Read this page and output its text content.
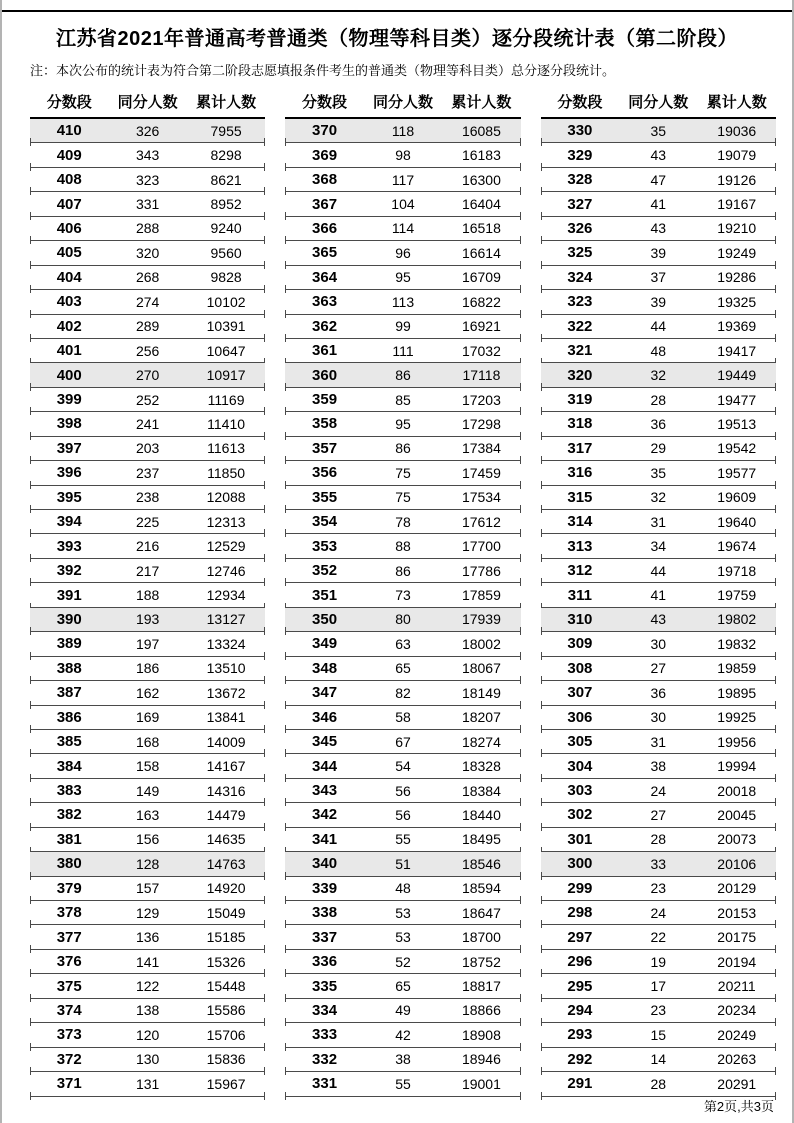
江苏省2021年普通高考普通类（物理等科目类）逐分段统计表（第二阶段）

注：本次公布的统计表为符合第二阶段志愿填报条件考生的普通类（物理等科目类）总分逐分段统计。

分数段	同分人数	累计人数
410	326	7955
409	343	8298
408	323	8621
407	331	8952
406	288	9240
405	320	9560
404	268	9828
403	274	10102
402	289	10391
401	256	10647
400	270	10917
399	252	11169
398	241	11410
397	203	11613
396	237	11850
395	238	12088
394	225	12313
393	216	12529
392	217	12746
391	188	12934
390	193	13127
389	197	13324
388	186	13510
387	162	13672
386	169	13841
385	168	14009
384	158	14167
383	149	14316
382	163	14479
381	156	14635
380	128	14763
379	157	14920
378	129	15049
377	136	15185
376	141	15326
375	122	15448
374	138	15586
373	120	15706
372	130	15836
371	131	15967
分数段	同分人数	累计人数
370	118	16085
369	98	16183
368	117	16300
367	104	16404
366	114	16518
365	96	16614
364	95	16709
363	113	16822
362	99	16921
361	111	17032
360	86	17118
359	85	17203
358	95	17298
357	86	17384
356	75	17459
355	75	17534
354	78	17612
353	88	17700
352	86	17786
351	73	17859
350	80	17939
349	63	18002
348	65	18067
347	82	18149
346	58	18207
345	67	18274
344	54	18328
343	56	18384
342	56	18440
341	55	18495
340	51	18546
339	48	18594
338	53	18647
337	53	18700
336	52	18752
335	65	18817
334	49	18866
333	42	18908
332	38	18946
331	55	19001
分数段	同分人数	累计人数
330	35	19036
329	43	19079
328	47	19126
327	41	19167
326	43	19210
325	39	19249
324	37	19286
323	39	19325
322	44	19369
321	48	19417
320	32	19449
319	28	19477
318	36	19513
317	29	19542
316	35	19577
315	32	19609
314	31	19640
313	34	19674
312	44	19718
311	41	19759
310	43	19802
309	30	19832
308	27	19859
307	36	19895
306	30	19925
305	31	19956
304	38	19994
303	24	20018
302	27	20045
301	28	20073
300	33	20106
299	23	20129
298	24	20153
297	22	20175
296	19	20194
295	17	20211
294	23	20234
293	15	20249
292	14	20263
291	28	20291
第2页,共3页
